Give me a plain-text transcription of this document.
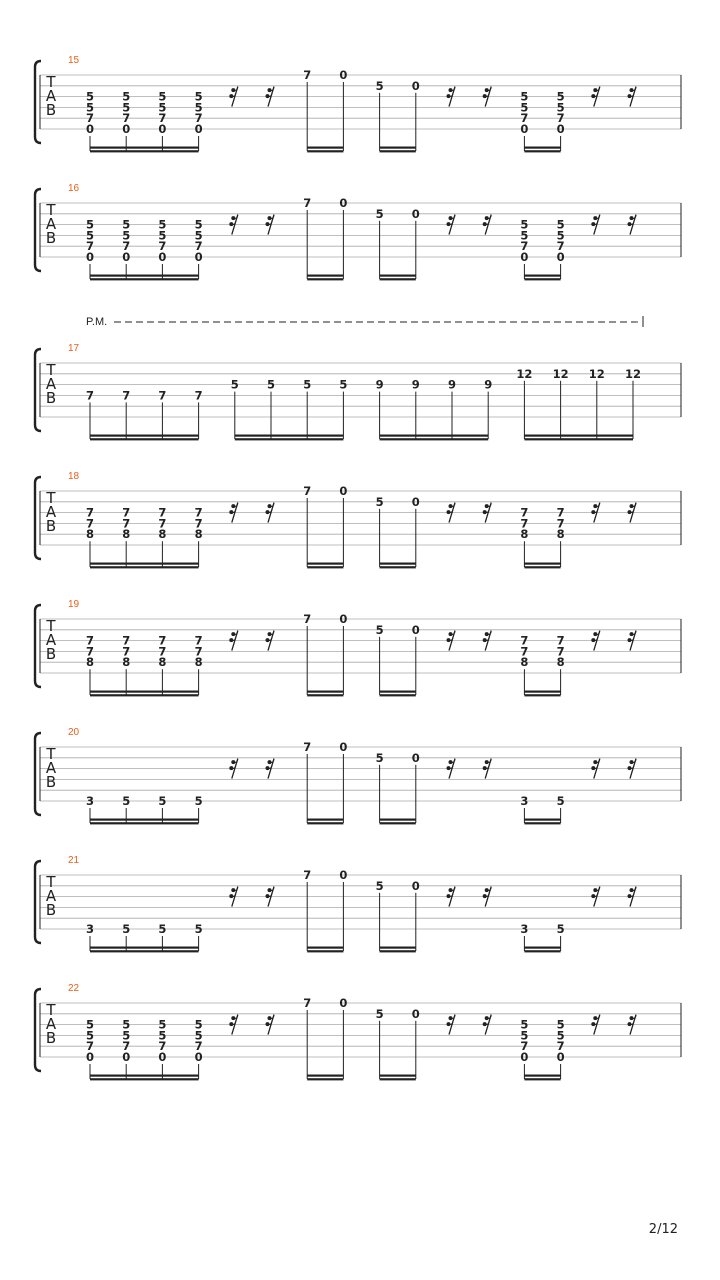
15
T
A
B
5
5
7
0
5
5
7
0
5
5
7
0
5
5
7
0
7 0
5 0
5
5
7
0
5
5
7
0
16
T
A
B
5
5
7
0
5
5
7
0
5
5
7
0
5
5
7
0
7 0
5 0
5
5
7
0
5
5
7
0
17
T
A
B
P.M.
7 7 7 7
5 5 5 5 9 9 9 9
12 12 12 12
18
T
A
B
7
7
8
7
7
8
7
7
8
7
7
8
7 0
5 0
7
7
8
7
7
8
19
T
A
B
7
7
8
7
7
8
7
7
8
7
7
8
7 0
5 0
7
7
8
7
7
8
20
T
A
B
3 5 5 5
7 0
5 0
3 5
21
T
A
B
3 5 5 5
7 0
5 0
3 5
22
T
A
B
5
5
7
0
5
5
7
0
5
5
7
0
5
5
7
0
7 0
5 0
5
5
7
0
5
5
7
0
2/12
